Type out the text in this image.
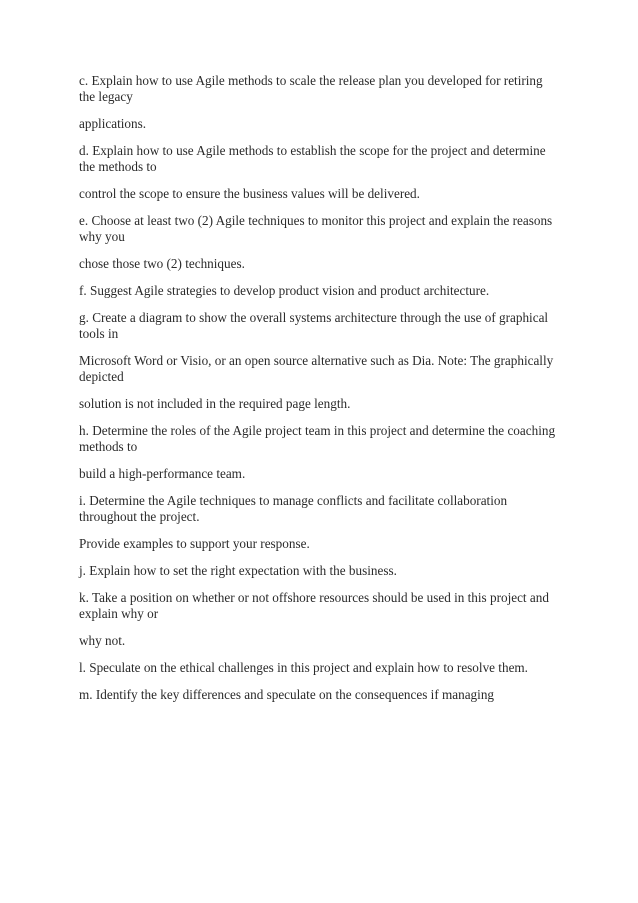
c. Explain how to use Agile methods to scale the release plan you developed for retiring the legacy

applications.

d. Explain how to use Agile methods to establish the scope for the project and determine the methods to

control the scope to ensure the business values will be delivered.

e. Choose at least two (2) Agile techniques to monitor this project and explain the reasons why you

chose those two (2) techniques.

f. Suggest Agile strategies to develop product vision and product architecture.

g. Create a diagram to show the overall systems architecture through the use of graphical tools in

Microsoft Word or Visio, or an open source alternative such as Dia. Note: The graphically depicted

solution is not included in the required page length.

h. Determine the roles of the Agile project team in this project and determine the coaching methods to

build a high-performance team.

i. Determine the Agile techniques to manage conflicts and facilitate collaboration throughout the project.

Provide examples to support your response.

j. Explain how to set the right expectation with the business.

k. Take a position on whether or not offshore resources should be used in this project and explain why or

why not.

l. Speculate on the ethical challenges in this project and explain how to resolve them.

m. Identify the key differences and speculate on the consequences if managing
